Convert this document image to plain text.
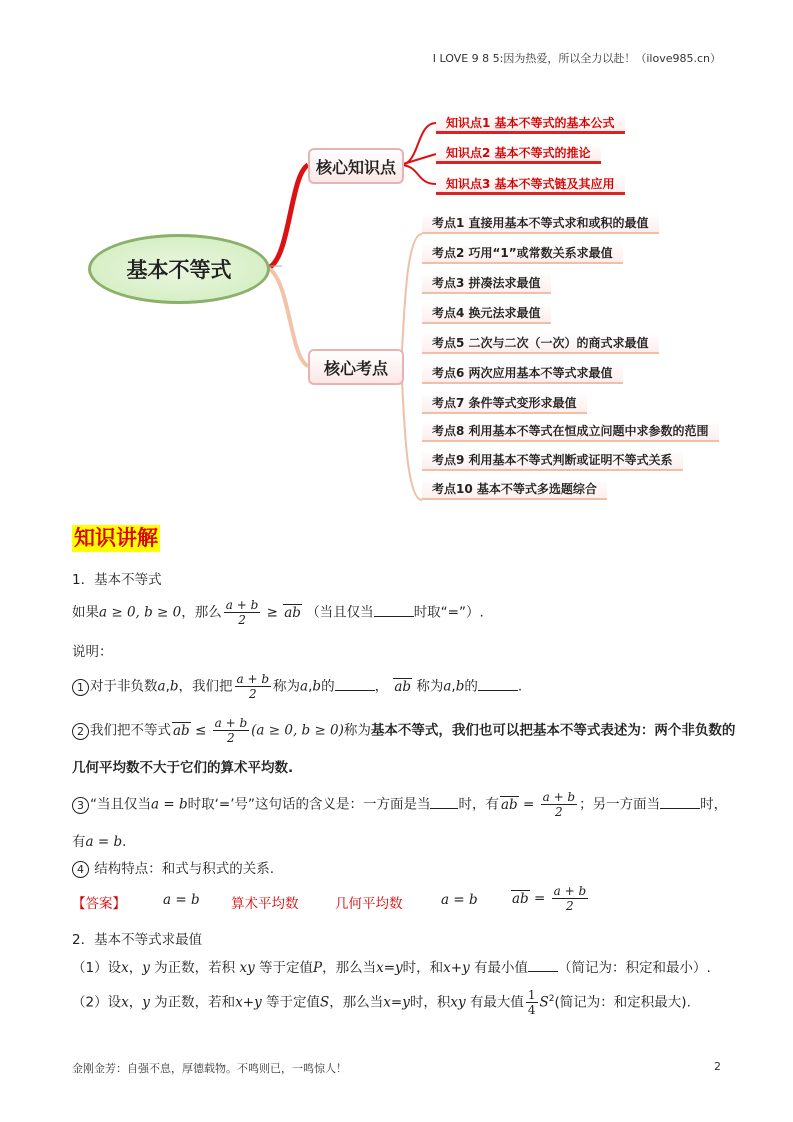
I LOVE 9 8 5:因为热爱，所以全力以赴！（ilove985.cn）
金刚金芳：自强不息，厚德载物。不鸣则已，一鸣惊人！	2
基本不等式
核心知识点
核心考点
知识点1 基本不等式的基本公式
知识点2 基本不等式的推论
知识点3 基本不等式链及其应用
考点1 直接用基本不等式求和或积的最值
考点2 巧用“1”或常数关系求最值
考点3 拼凑法求最值
考点4 换元法求最值
考点5 二次与二次（一次）的商式求最值
考点6 两次应用基本不等式求最值
考点7 条件等式变形求最值
考点8 利用基本不等式在恒成立问题中求参数的范围
考点9 利用基本不等式判断或证明不等式关系
考点10 基本不等式多选题综合
知识讲解
1．基本不等式
如果a ≥ 0, b ≥ 0，那么 $\frac{a + b}{2}$ ≥ ab （当且仅当	时取“=”）.
说明：
1 对于非负数a,b，我们把 $\frac{a + b}{2}$ 称为a,b的	， ab 称为a,b的	.
2 我们把不等式 ab ≤ $\frac{a + b}{2} (a \ge 0$, b ≥ 0)称为基本不等式，我们也可以把基本不等式表述为：两个非负数的
几何平均数不大于它们的算术平均数.
3 “当且仅当a = b时取‘=’号”这句话的含义是：一方面是当 时，有 ab = $\frac{a + b}{2}$ ；另一方面当	时，
有a = b.
4 结构特点：和式与积式的关系.
【答案】	a = b 算术平均数	几何平均数	a = b	ab = $\frac{a + b}{2}$
2．基本不等式求最值
（1）设x，y 为正数，若积 xy 等于定值P，那么当x=y时，和x+y 有最小值 （简记为：积定和最小）.
（2）设x，y 为正数，若和x+y 等于定值S，那么当x=y时，积xy 有最大值 $\frac{1}{4} S^2$(简记为：和定积最大).
